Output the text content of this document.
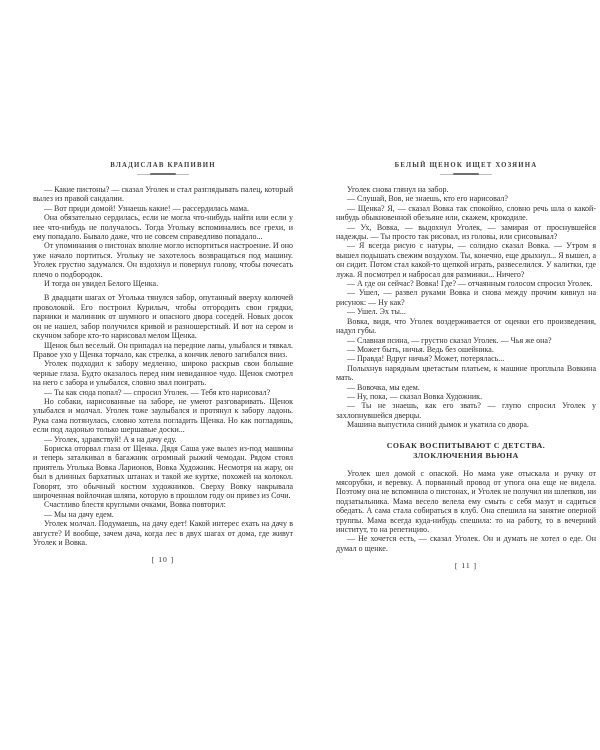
ВЛАДИСЛАВ КРАПИВИН

— Какие пистоны? — сказал Уголек и стал разглядывать палец, который вылез из правой сандалии.

— Вот приди домой! Узнаешь какие! — рассердилась мама.

Она обязательно сердилась, если не могла что-нибудь найти или если у нее что-нибудь не получалось. Тогда Угольку вспоминались все грехи, и ему попадало. Бывало даже, что не совсем справедливо попадало...

От упоминания о пистонах вполне могло испортиться настроение. И оно уже начало портиться. Угольку не захотелось возвращаться под машину. Уголек грустно задумался. Он вздохнул и повернул голову, чтобы почесать плечо о подбородок.

И тогда он увидел Белого Щенка.

В двадцати шагах от Уголька тянулся забор, опутанный вверху колючей проволокой. Его построил Курилыч, чтобы отгородить свои грядки, парники и малинник от шумного и опасного двора соседей. Новых досок он не нашел, забор получился кривой и разношерстный. И вот на сером и скучном заборе кто-то нарисовал мелом Щенка.

Щенок был веселый. Он припадал на передние лапы, улыбался и тявкал. Правое ухо у Щенка торчало, как стрелка, а кончик левого загибался вниз.

Уголек подходил к забору медленно, широко раскрыв свои большие черные глаза. Будто оказалось перед ним невиданное чудо. Щенок смотрел на него с забора и улыбался, словно звал поиграть.

— Ты как сюда попал? — спросил Уголек. — Тебя кто нарисовал?

Но собаки, нарисованные на заборе, не умеют разговаривать. Щенок улыбался и молчал. Уголек тоже заулыбался и протянул к забору ладонь. Рука сама потянулась, словно хотела погладить Щенка. Но как погладишь, если под ладонью только шершавые доски...

— Уголек, здравствуй! А я на дачу еду.

Бориска оторвал глаза от Щенка. Дядя Саша уже вылез из-под машины и теперь заталкивал в багажник огромный рыжий чемодан. Рядом стоял приятель Уголька Вовка Ларионов, Вовка Художник. Несмотря на жару, он был в длинных бархатных штанах и такой же куртке, похожей на колокол. Говорят, это обычный костюм художников. Сверху Вовку накрывала широченная войлочная шляпа, которую в прошлом году он привез из Сочи.

Счастливо блестя круглыми очками, Вовка повторил:

— Мы на дачу едем.

Уголек молчал. Подумаешь, на дачу едет! Какой интерес ехать на дачу в августе? И вообще, зачем дача, когда лес в двух шагах от дома, где живут Уголек и Вовка.

[ 10 ]
БЕЛЫЙ ЩЕНОК ИЩЕТ ХОЗЯИНА

Уголек снова глянул на забор.

— Слушай, Вов, не знаешь, кто его нарисовал?

— Щенка? Я, — сказал Вовка так спокойно, словно речь шла о какой-нибудь обыкновенной обезьяне или, скажем, крокодиле.

— Ух, Вовка, — выдохнул Уголек, — замирая от проснувшейся надежды. — Ты просто так рисовал, из головы, или срисовывал?

— Я всегда рисую с натуры, — солидно сказал Вовка. — Утром я вышел подышать свежим воздухом. Ты, конечно, еще дрыхнул... Я вышел, а он сидит. Потом стал какой-то щепкой играть, развеселился. У калитки, где лужа. Я посмотрел и набросал для разминки... Ничего?

— А где он сейчас? Вовка! Где? — отчаянным голосом спросил Уголек.

— Ушел, — развел руками Вовка и снова между прочим кивнул на рисунок: — Ну как?

— Ушел. Эх ты...

Вовка, видя, что Уголек воздерживается от оценки его произведения, надул губы.

— Славная псина, — грустно сказал Уголек. — Чья же она?

— Может быть, ничья. Ведь без ошейника.

— Правда! Вдруг ничья? Может, потерялась...

Полыхнув нарядным цветастым платьем, к машине проплыла Вовкина мать.

— Вовочка, мы едем.

— Ну, пока, — сказал Вовка Художник.

— Ты не знаешь, как его звать? — глупо спросил Уголек у захлопнувшейся дверцы.

Машина выпустила синий дымок и укатила со двора.

СОБАК ВОСПИТЫВАЮТ С ДЕТСТВА.
ЗЛОКЛЮЧЕНИЯ ВЬЮНА

Уголек шел домой с опаской. Но мама уже отыскала и ручку от мясорубки, и веревку. А порванный провод от утюга она еще не видела. Поэтому она не вспомнила о пистонах, и Уголек не получил ни шлепков, ни подзатыльника. Мама весело велела ему смыть с себя мазут и садиться обедать. А сама стала собираться в клуб. Она спешила на занятие оперной труппы. Мама всегда куда-нибудь спешила: то на работу, то в вечерний институт, то на репетицию.

— Не хочется есть, — сказал Уголек. Он и думать не хотел о еде. Он думал о щенке.

[ 11 ]
